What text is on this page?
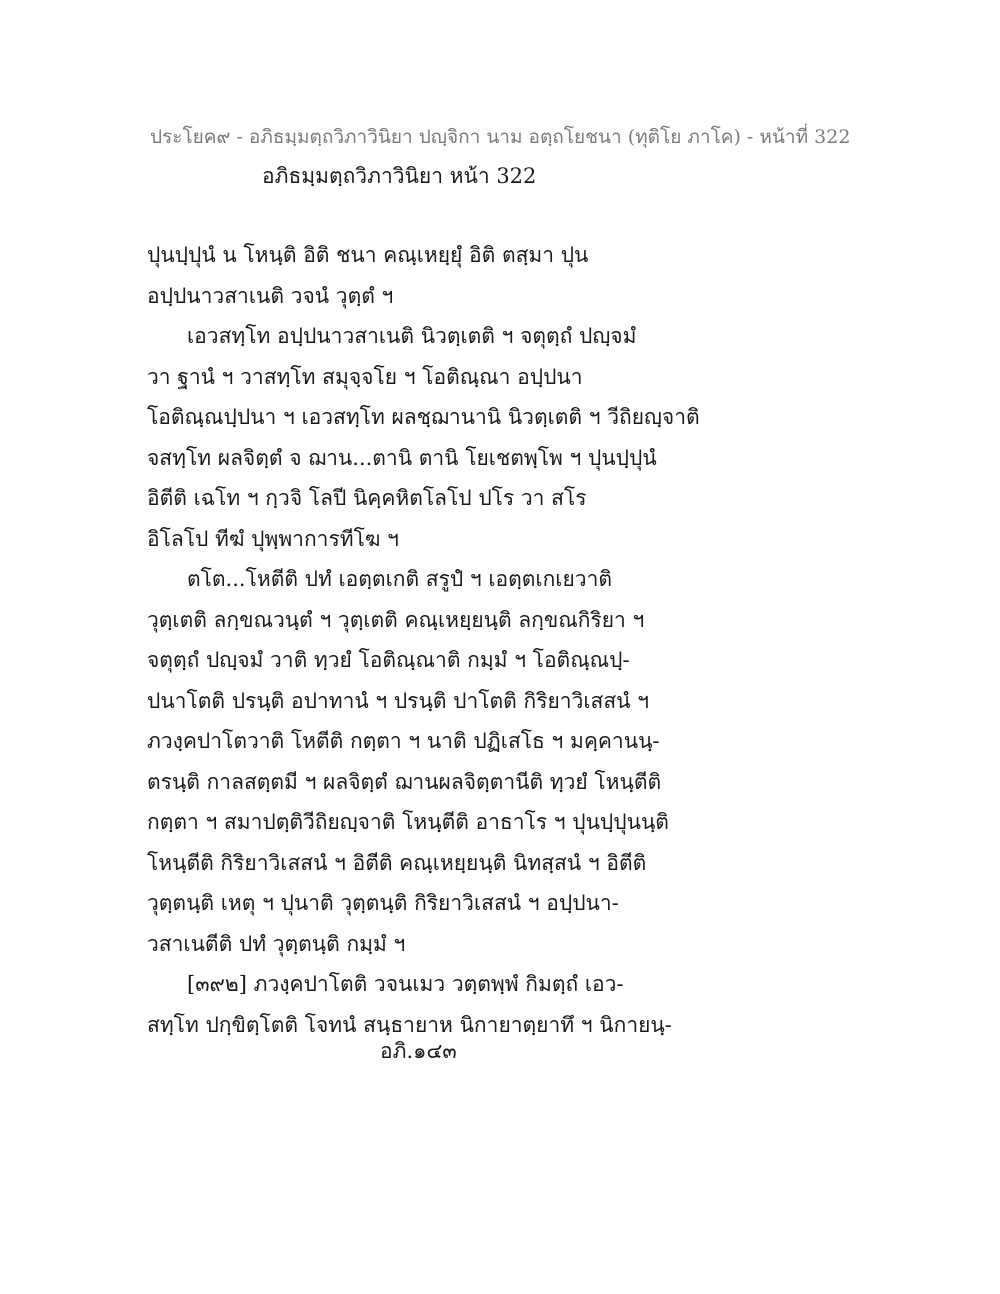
ประโยค๙ - อภิธมฺมตฺถวิภาวินิยา ปญฺจิกา นาม อตฺถโยชนา (ทุติโย ภาโค) - หน้าที่ 322
อภิธมฺมตฺถวิภาวินิยา หน้า 322
ปุนปฺปุนํ น โหนฺติ อิติ ชนา คณฺเหยฺยุํ อิติ ตสฺมา ปุน
อปฺปนาวสาเนติ วจนํ วุตฺตํ ฯ
เอวสทฺโท อปฺปนาวสาเนติ นิวตฺเตติ ฯ จตุตฺถํ ปญฺจมํ
วา ฐานํ ฯ วาสทฺโท สมุจฺจโย ฯ โอติณฺณา อปฺปนา
โอติณฺณปฺปนา ฯ เอวสทฺโท ผลชฺฌานานิ นิวตฺเตติ ฯ วีถิยญฺจาติ
จสทฺโท ผลจิตฺตํ จ ฌาน...ตานิ ตานิ โยเชตพฺโพ ฯ ปุนปฺปุนํ
อิตีติ เฉโท ฯ กฺวจิ โลปี นิคฺคหิตโลโป ปโร วา สโร
อิโลโป ทีฆํ ปุพฺพาการทีโฆ ฯ
ตโต...โหตีติ ปทํ เอตฺตเกติ สรูปํ ฯ เอตฺตเกเยวาติ
วุตฺเตติ ลกฺขณวนฺตํ ฯ วุตฺเตติ คณฺเหยฺยนฺติ ลกฺขณกิริยา ฯ
จตุตฺถํ ปญฺจมํ วาติ ทฺวยํ โอติณฺณาติ กมฺมํ ฯ โอติณฺณปฺ-
ปนาโตติ ปรนฺติ อปาทานํ ฯ ปรนฺติ ปาโตติ กิริยาวิเสสนํ ฯ
ภวงฺคปาโตวาติ โหตีติ กตฺตา ฯ นาติ ปฏิเสโธ ฯ มคฺคานนฺ-
ตรนฺติ กาลสตฺตมี ฯ ผลจิตฺตํ ฌานผลจิตฺตานีติ ทฺวยํ โหนฺตีติ
กตฺตา ฯ สมาปตฺติวีถิยญฺจาติ โหนฺตีติ อาธาโร ฯ ปุนปฺปุนนฺติ
โหนฺตีติ กิริยาวิเสสนํ ฯ อิตีติ คณฺเหยฺยนฺติ นิทสฺสนํ ฯ อิตีติ
วุตฺตนฺติ เหตุ ฯ ปุนาติ วุตฺตนฺติ กิริยาวิเสสนํ ฯ อปฺปนา-
วสาเนตีติ ปทํ วุตฺตนฺติ กมฺมํ ฯ
[๓๙๒] ภวงฺคปาโตติ วจนเมว วตฺตพฺพํ กิมตฺถํ เอว-
สทฺโท ปกฺขิตฺโตติ โจทนํ สนฺธายาห นิกายาตฺยาทึ ฯ นิกายนฺ-
อภิ.๑๔๓
